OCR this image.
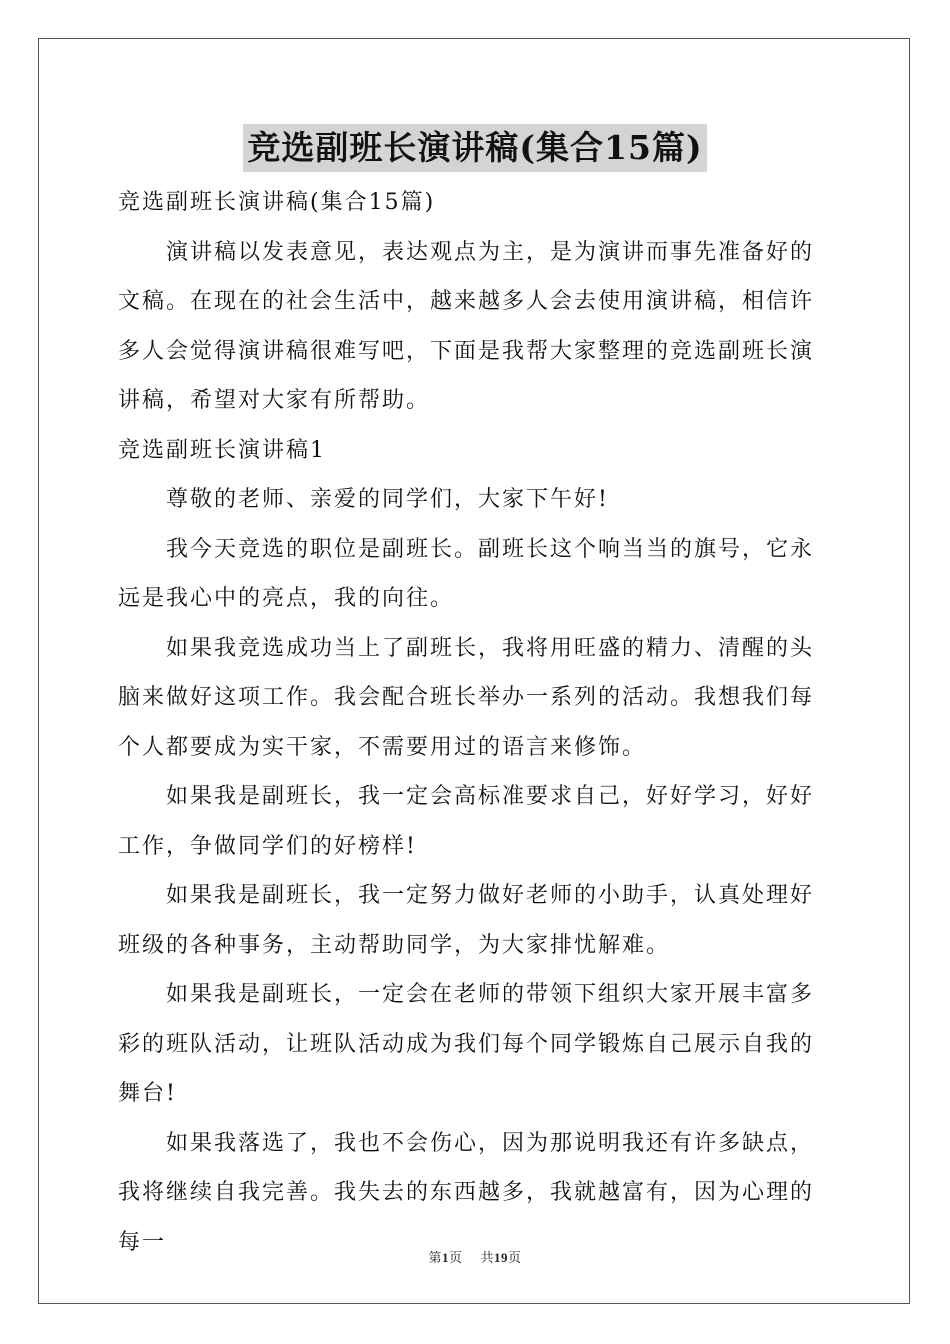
竞选副班长演讲稿(集合15篇)

竞选副班长演讲稿(集合15篇)

演讲稿以发表意见，表达观点为主，是为演讲而事先准备好的文稿。在现在的社会生活中，越来越多人会去使用演讲稿，相信许多人会觉得演讲稿很难写吧，下面是我帮大家整理的竞选副班长演讲稿，希望对大家有所帮助。

竞选副班长演讲稿1

尊敬的老师、亲爱的同学们，大家下午好!

我今天竞选的职位是副班长。副班长这个响当当的旗号，它永远是我心中的亮点，我的向往。

如果我竞选成功当上了副班长，我将用旺盛的精力、清醒的头脑来做好这项工作。我会配合班长举办一系列的活动。我想我们每个人都要成为实干家，不需要用过的语言来修饰。

如果我是副班长，我一定会高标准要求自己，好好学习，好好工作，争做同学们的好榜样!

如果我是副班长，我一定努力做好老师的小助手，认真处理好班级的各种事务，主动帮助同学，为大家排忧解难。

如果我是副班长，一定会在老师的带领下组织大家开展丰富多彩的班队活动，让班队活动成为我们每个同学锻炼自己展示自我的舞台!

如果我落选了，我也不会伤心，因为那说明我还有许多缺点，我将继续自我完善。我失去的东西越多，我就越富有，因为心理的每一

第1页 共19页
